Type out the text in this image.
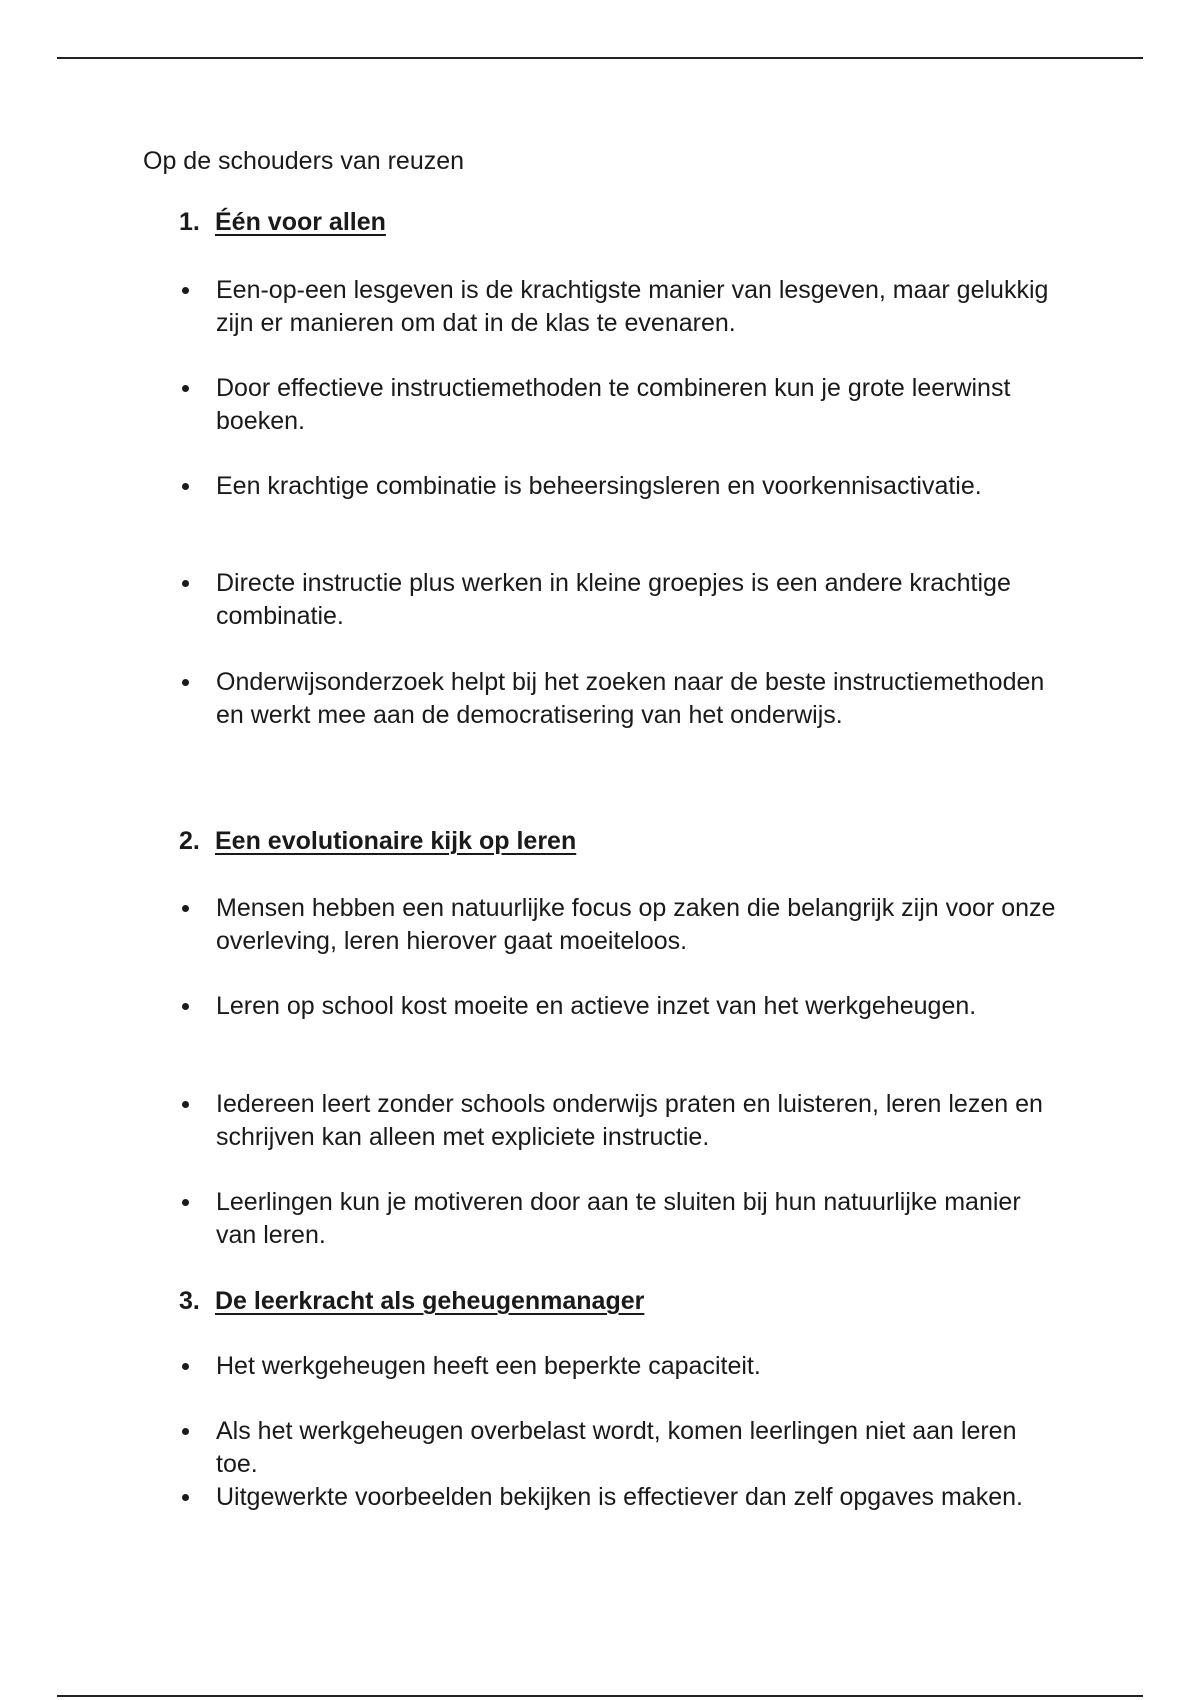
Op de schouders van reuzen
1. Één voor allen

Een-op-een lesgeven is de krachtigste manier van lesgeven, maar gelukkig zijn er manieren om dat in de klas te evenaren.

Door effectieve instructiemethoden te combineren kun je grote leerwinst boeken.

Een krachtige combinatie is beheersingsleren en voorkennisactivatie.

Directe instructie plus werken in kleine groepjes is een andere krachtige combinatie.

Onderwijsonderzoek helpt bij het zoeken naar de beste instructiemethoden en werkt mee aan de democratisering van het onderwijs.

2. Een evolutionaire kijk op leren

Mensen hebben een natuurlijke focus op zaken die belangrijk zijn voor onze overleving, leren hierover gaat moeiteloos.

Leren op school kost moeite en actieve inzet van het werkgeheugen.

Iedereen leert zonder schools onderwijs praten en luisteren, leren lezen en schrijven kan alleen met expliciete instructie.

Leerlingen kun je motiveren door aan te sluiten bij hun natuurlijke manier van leren.

3. De leerkracht als geheugenmanager

Het werkgeheugen heeft een beperkte capaciteit.

Als het werkgeheugen overbelast wordt, komen leerlingen niet aan leren toe.

Uitgewerkte voorbeelden bekijken is effectiever dan zelf opgaves maken.
